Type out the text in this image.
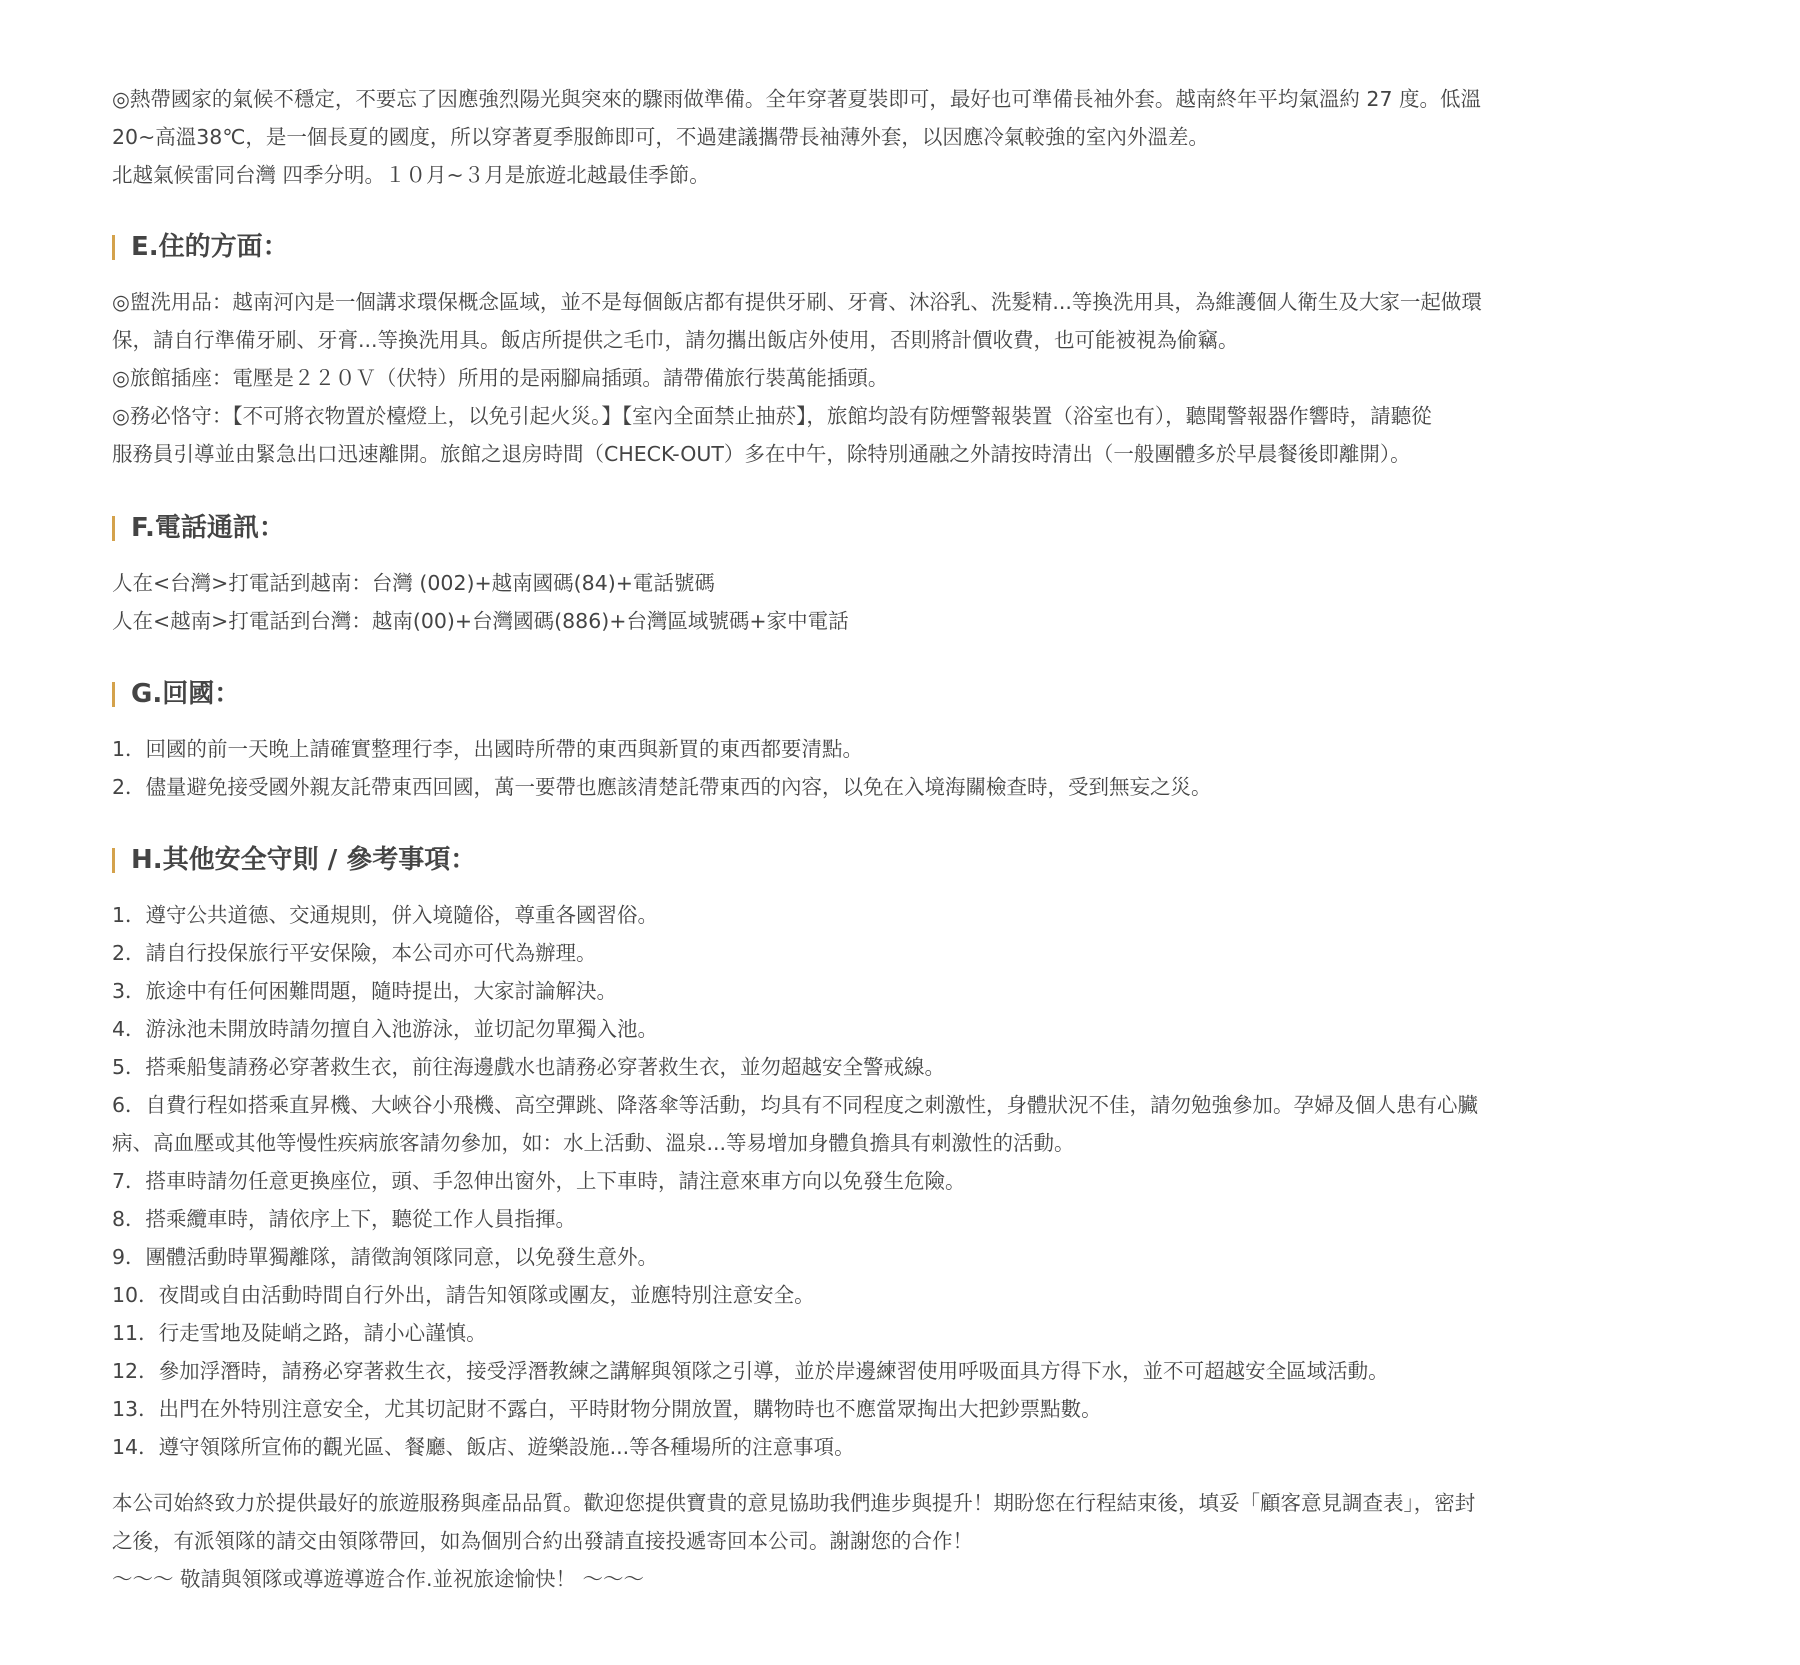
◎熱帶國家的氣候不穩定，不要忘了因應強烈陽光與突來的驟雨做準備。全年穿著夏裝即可，最好也可準備長袖外套。越南終年平均氣溫約 27 度。低溫

20~高溫38℃，是一個長夏的國度，所以穿著夏季服飾即可，不過建議攜帶長袖薄外套，以因應冷氣較強的室內外溫差。

北越氣候雷同台灣 四季分明。１０月~３月是旅遊北越最佳季節。

E.住的方面：

◎盥洗用品：越南河內是一個講求環保概念區域，並不是每個飯店都有提供牙刷、牙膏、沐浴乳、洗髮精...等換洗用具，為維護個人衛生及大家一起做環

保，請自行準備牙刷、牙膏...等換洗用具。飯店所提供之毛巾，請勿攜出飯店外使用，否則將計價收費，也可能被視為偷竊。

◎旅館插座：電壓是２２０Ｖ（伏特）所用的是兩腳扁插頭。請帶備旅行裝萬能插頭。

◎務必恪守：【不可將衣物置於檯燈上，以免引起火災。】【室內全面禁止抽菸】，旅館均設有防煙警報裝置（浴室也有），聽聞警報器作響時，請聽從

服務員引導並由緊急出口迅速離開。旅館之退房時間（CHECK-OUT）多在中午，除特別通融之外請按時清出（一般團體多於早晨餐後即離開）。

F.電話通訊：

人在<台灣>打電話到越南：台灣 (002)+越南國碼(84)+電話號碼

人在<越南>打電話到台灣：越南(00)+台灣國碼(886)+台灣區域號碼+家中電話

G.回國：
1．回國的前一天晚上請確實整理行李，出國時所帶的東西與新買的東西都要清點。
2．儘量避免接受國外親友託帶東西回國，萬一要帶也應該清楚託帶東西的內容，以免在入境海關檢查時，受到無妄之災。
H.其他安全守則 / 參考事項：
1．遵守公共道德、交通規則，併入境隨俗，尊重各國習俗。
2．請自行投保旅行平安保險，本公司亦可代為辦理。
3．旅途中有任何困難問題，隨時提出，大家討論解決。
4．游泳池未開放時請勿擅自入池游泳，並切記勿單獨入池。
5．搭乘船隻請務必穿著救生衣，前往海邊戲水也請務必穿著救生衣，並勿超越安全警戒線。
6．自費行程如搭乘直昇機、大峽谷小飛機、高空彈跳、降落傘等活動，均具有不同程度之刺激性，身體狀況不佳，請勿勉強參加。孕婦及個人患有心臟
病、高血壓或其他等慢性疾病旅客請勿參加，如：水上活動、溫泉...等易增加身體負擔具有刺激性的活動。
7．搭車時請勿任意更換座位，頭、手忽伸出窗外，上下車時，請注意來車方向以免發生危險。
8．搭乘纜車時，請依序上下，聽從工作人員指揮。
9．團體活動時單獨離隊，請徵詢領隊同意，以免發生意外。
10．夜間或自由活動時間自行外出，請告知領隊或團友，並應特別注意安全。
11．行走雪地及陡峭之路，請小心謹慎。
12．參加浮潛時，請務必穿著救生衣，接受浮潛教練之講解與領隊之引導，並於岸邊練習使用呼吸面具方得下水，並不可超越安全區域活動。
13．出門在外特別注意安全，尤其切記財不露白，平時財物分開放置，購物時也不應當眾掏出大把鈔票點數。
14．遵守領隊所宣佈的觀光區、餐廳、飯店、遊樂設施...等各種場所的注意事項。

本公司始終致力於提供最好的旅遊服務與產品品質。歡迎您提供寶貴的意見協助我們進步與提升！期盼您在行程結束後，填妥「顧客意見調查表」，密封

之後，有派領隊的請交由領隊帶回，如為個別合約出發請直接投遞寄回本公司。謝謝您的合作！

～～～ 敬請與領隊或導遊導遊合作.並祝旅途愉快！ ～～～
